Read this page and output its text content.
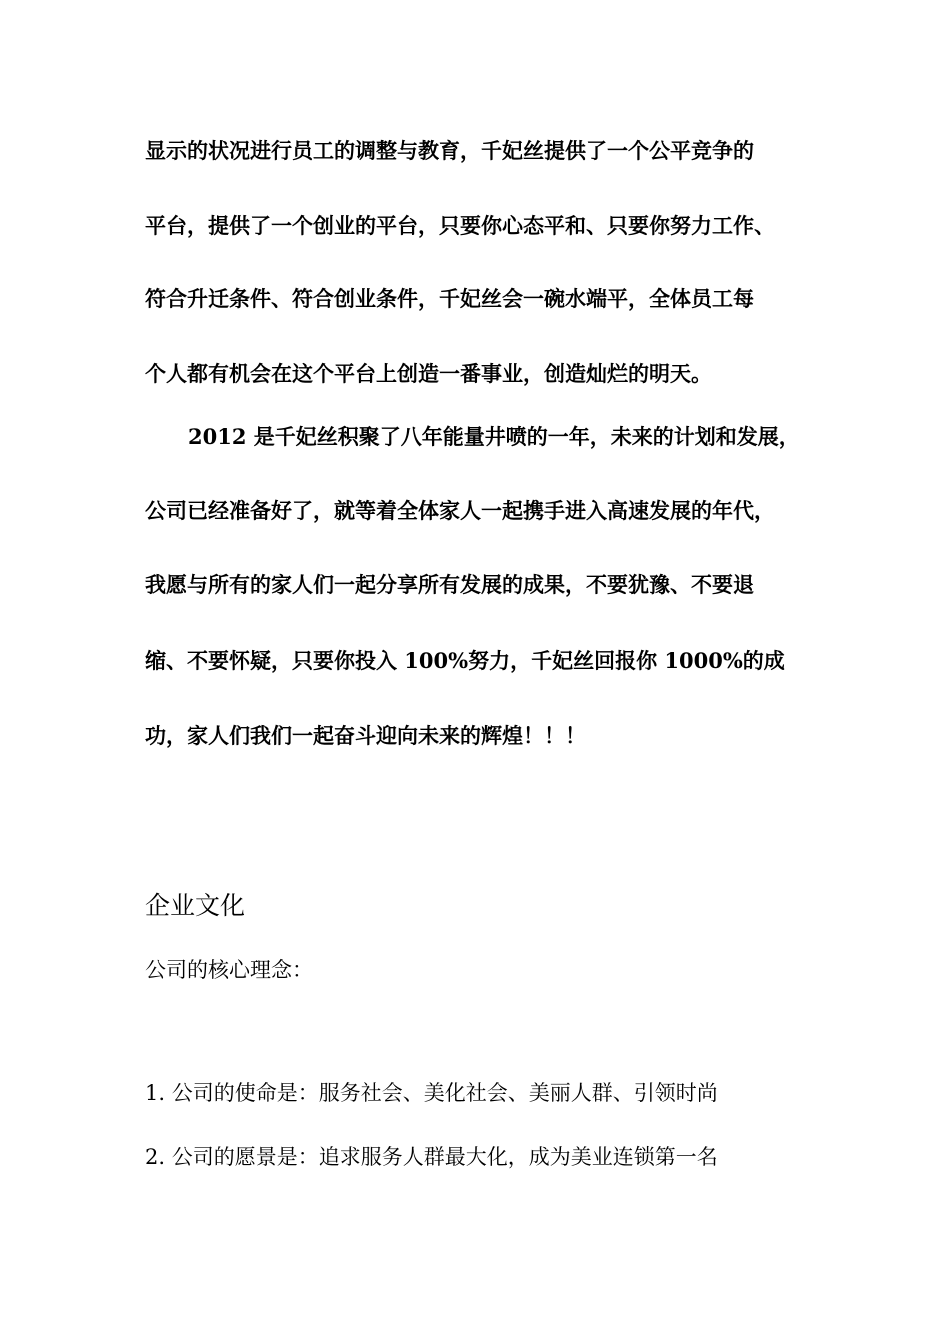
显示的状况进行员工的调整与教育，千妃丝提供了一个公平竞争的
平台，提供了一个创业的平台，只要你心态平和、只要你努力工作、
符合升迁条件、符合创业条件，千妃丝会一碗水端平，全体员工每
个人都有机会在这个平台上创造一番事业，创造灿烂的明天。
2012 是千妃丝积聚了八年能量井喷的一年，未来的计划和发展，
公司已经准备好了，就等着全体家人一起携手进入高速发展的年代，
我愿与所有的家人们一起分享所有发展的成果，不要犹豫、不要退
缩、不要怀疑，只要你投入 100%努力，千妃丝回报你 1000%的成
功，家人们我们一起奋斗迎向未来的辉煌！！！
企业文化
公司的核心理念：
1. 公司的使命是：服务社会、美化社会、美丽人群、引领时尚
2. 公司的愿景是：追求服务人群最大化，成为美业连锁第一名
